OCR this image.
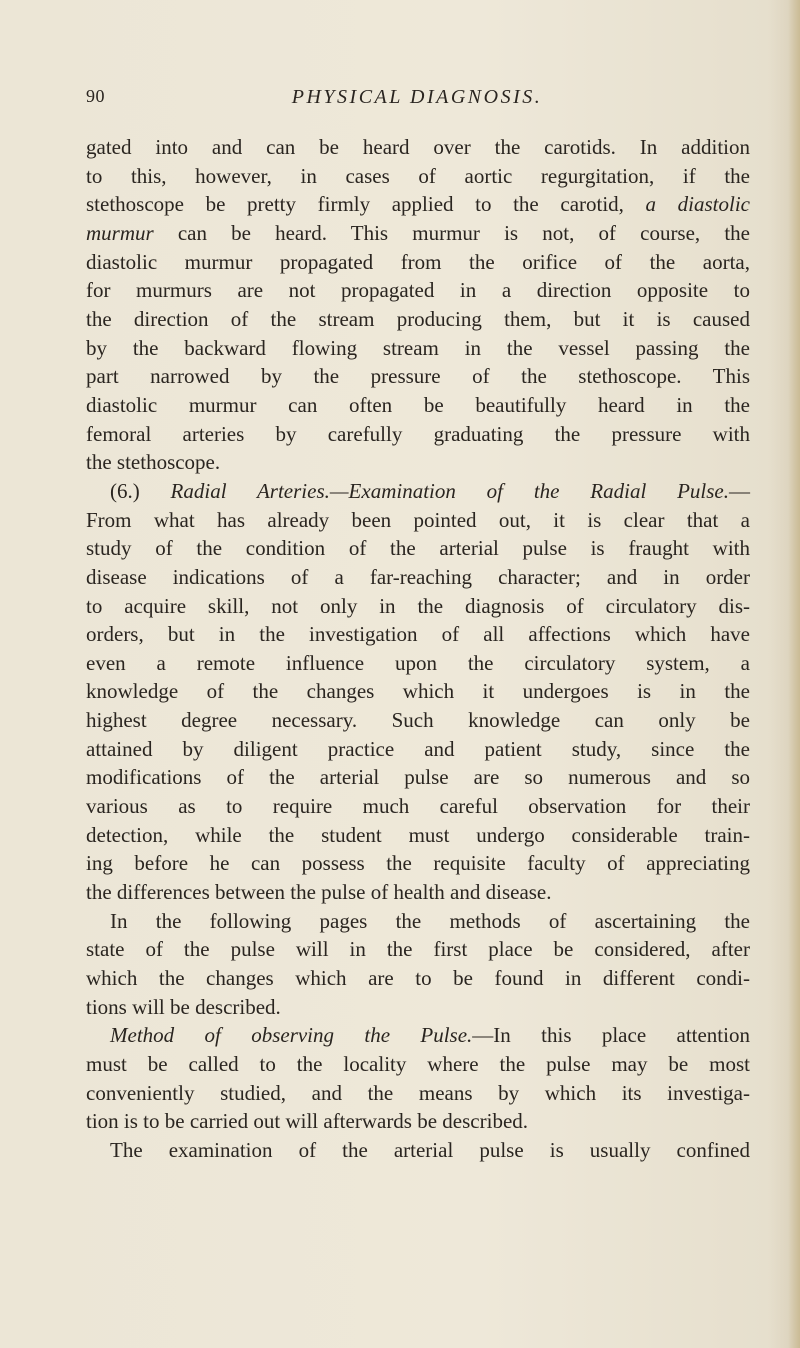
90	PHYSICAL DIAGNOSIS.
gated into and can be heard over the carotids. In addition
to this, however, in cases of aortic regurgitation, if the
stethoscope be pretty firmly applied to the carotid, a diastolic
murmur can be heard. This murmur is not, of course, the
diastolic murmur propagated from the orifice of the aorta,
for murmurs are not propagated in a direction opposite to
the direction of the stream producing them, but it is caused
by the backward flowing stream in the vessel passing the
part narrowed by the pressure of the stethoscope. This
diastolic murmur can often be beautifully heard in the
femoral arteries by carefully graduating the pressure with
the stethoscope.
(6.) Radial Arteries.—Examination of the Radial Pulse.—
From what has already been pointed out, it is clear that a
study of the condition of the arterial pulse is fraught with
disease indications of a far-reaching character; and in order
to acquire skill, not only in the diagnosis of circulatory dis-
orders, but in the investigation of all affections which have
even a remote influence upon the circulatory system, a
knowledge of the changes which it undergoes is in the
highest degree necessary. Such knowledge can only be
attained by diligent practice and patient study, since the
modifications of the arterial pulse are so numerous and so
various as to require much careful observation for their
detection, while the student must undergo considerable train-
ing before he can possess the requisite faculty of appreciating
the differences between the pulse of health and disease.
In the following pages the methods of ascertaining the
state of the pulse will in the first place be considered, after
which the changes which are to be found in different condi-
tions will be described.
Method of observing the Pulse.—In this place attention
must be called to the locality where the pulse may be most
conveniently studied, and the means by which its investiga-
tion is to be carried out will afterwards be described.
The examination of the arterial pulse is usually confined
